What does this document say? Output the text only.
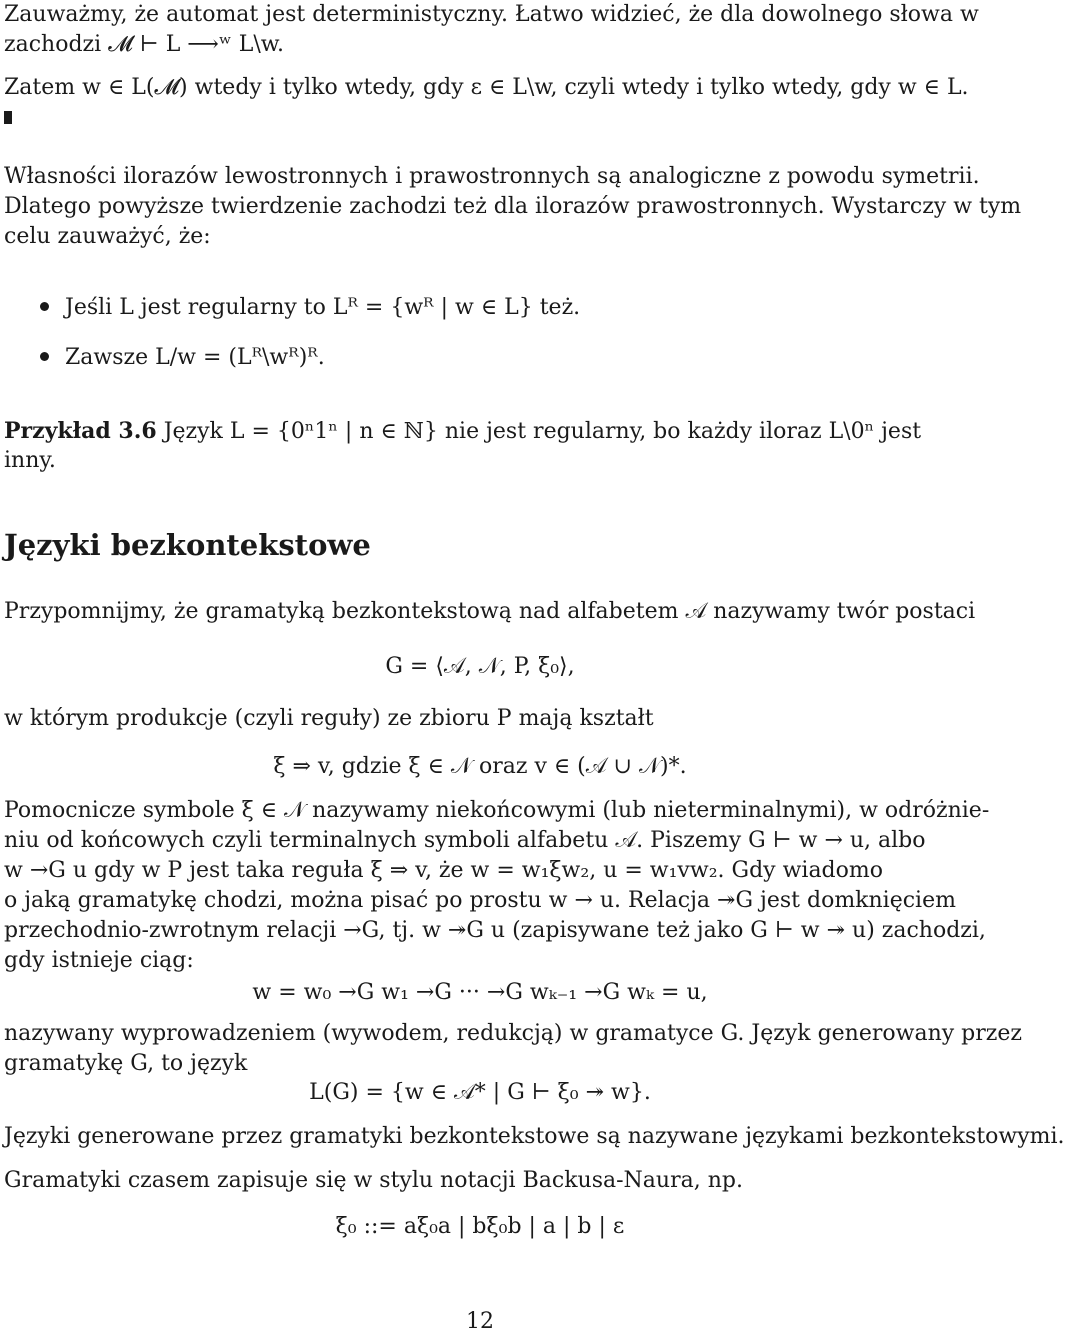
Zauważmy, że automat jest deterministyczny. Łatwo widzieć, że dla dowolnego słowa w
zachodzi 𝓜 ⊢ L ⟶ʷ L\w.
Zatem w ∈ L(𝓜) wtedy i tylko wtedy, gdy ε ∈ L\w, czyli wtedy i tylko wtedy, gdy w ∈ L.
Własności ilorazów lewostronnych i prawostronnych są analogiczne z powodu symetrii.
Dlatego powyższe twierdzenie zachodzi też dla ilorazów prawostronnych. Wystarczy w tym
celu zauważyć, że:
Jeśli L jest regularny to Lᴿ = {wᴿ | w ∈ L} też.
Zawsze L/w = (Lᴿ\wᴿ)ᴿ.
Przykład 3.6 Język L = {0ⁿ1ⁿ | n ∈ ℕ} nie jest regularny, bo każdy iloraz L\0ⁿ jest
inny.
Języki bezkontekstowe
Przypomnijmy, że gramatyką bezkontekstową nad alfabetem 𝒜 nazywamy twór postaci
G = ⟨𝒜, 𝒩, P, ξ₀⟩,
w którym produkcje (czyli reguły) ze zbioru P mają kształt
ξ ⇒ v, gdzie ξ ∈ 𝒩 oraz v ∈ (𝒜 ∪ 𝒩)*.
Pomocnicze symbole ξ ∈ 𝒩 nazywamy niekońcowymi (lub nieterminalnymi), w odróżnie-
niu od końcowych czyli terminalnych symboli alfabetu 𝒜. Piszemy G ⊢ w → u, albo
w →G u gdy w P jest taka reguła ξ ⇒ v, że w = w₁ξw₂, u = w₁vw₂. Gdy wiadomo
o jaką gramatykę chodzi, można pisać po prostu w → u. Relacja ↠G jest domknięciem
przechodnio-zwrotnym relacji →G, tj. w ↠G u (zapisywane też jako G ⊢ w ↠ u) zachodzi,
gdy istnieje ciąg:
w = w₀ →G w₁ →G ··· →G wₖ₋₁ →G wₖ = u,
nazywany wyprowadzeniem (wywodem, redukcją) w gramatyce G. Język generowany przez
gramatykę G, to język
L(G) = {w ∈ 𝒜* | G ⊢ ξ₀ ↠ w}.
Języki generowane przez gramatyki bezkontekstowe są nazywane językami bezkontekstowymi.
Gramatyki czasem zapisuje się w stylu notacji Backusa-Naura, np.
ξ₀ ::= aξ₀a | bξ₀b | a | b | ε
12
